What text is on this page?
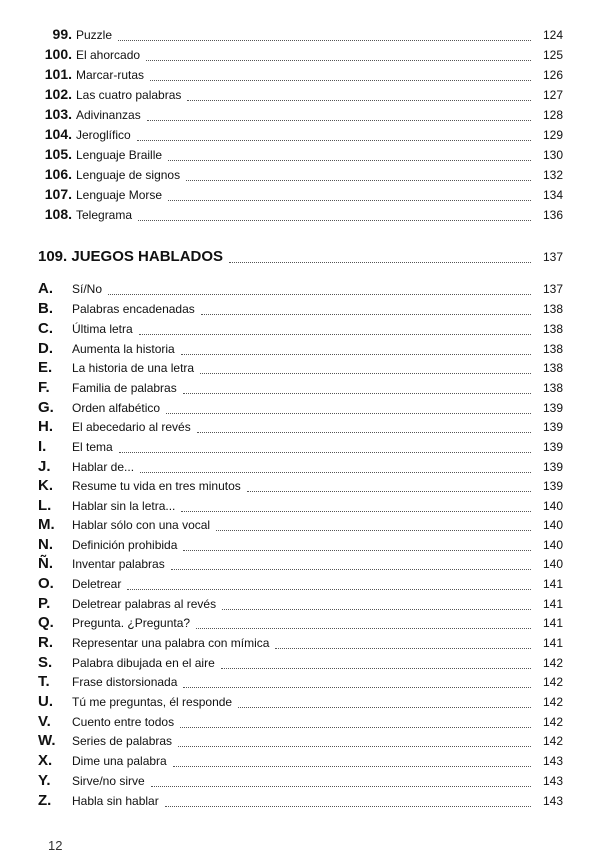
99. Puzzle	124
100. El ahorcado	125
101. Marcar-rutas	126
102. Las cuatro palabras	127
103. Adivinanzas	128
104. Jeroglífico	129
105. Lenguaje Braille	130
106. Lenguaje de signos	132
107. Lenguaje Morse	134
108. Telegrama	136
109. JUEGOS HABLADOS	137
A.	Sí/No	137
B.	Palabras encadenadas	138
C.	Última letra	138
D.	Aumenta la historia	138
E.	La historia de una letra	138
F.	Familia de palabras	138
G.	Orden alfabético	139
H.	El abecedario al revés	139
I.	El tema	139
J.	Hablar de...	139
K.	Resume tu vida en tres minutos	139
L.	Hablar sin la letra...	140
M.	Hablar sólo con una vocal	140
N.	Definición prohibida	140
Ñ.	Inventar palabras	140
O.	Deletrear	141
P.	Deletrear palabras al revés	141
Q.	Pregunta. ¿Pregunta?	141
R.	Representar una palabra con mímica	141
S.	Palabra dibujada en el aire	142
T.	Frase distorsionada	142
U.	Tú me preguntas, él responde	142
V.	Cuento entre todos	142
W.	Series de palabras	142
X.	Dime una palabra	143
Y.	Sirve/no sirve	143
Z.	Habla sin hablar	143
12
